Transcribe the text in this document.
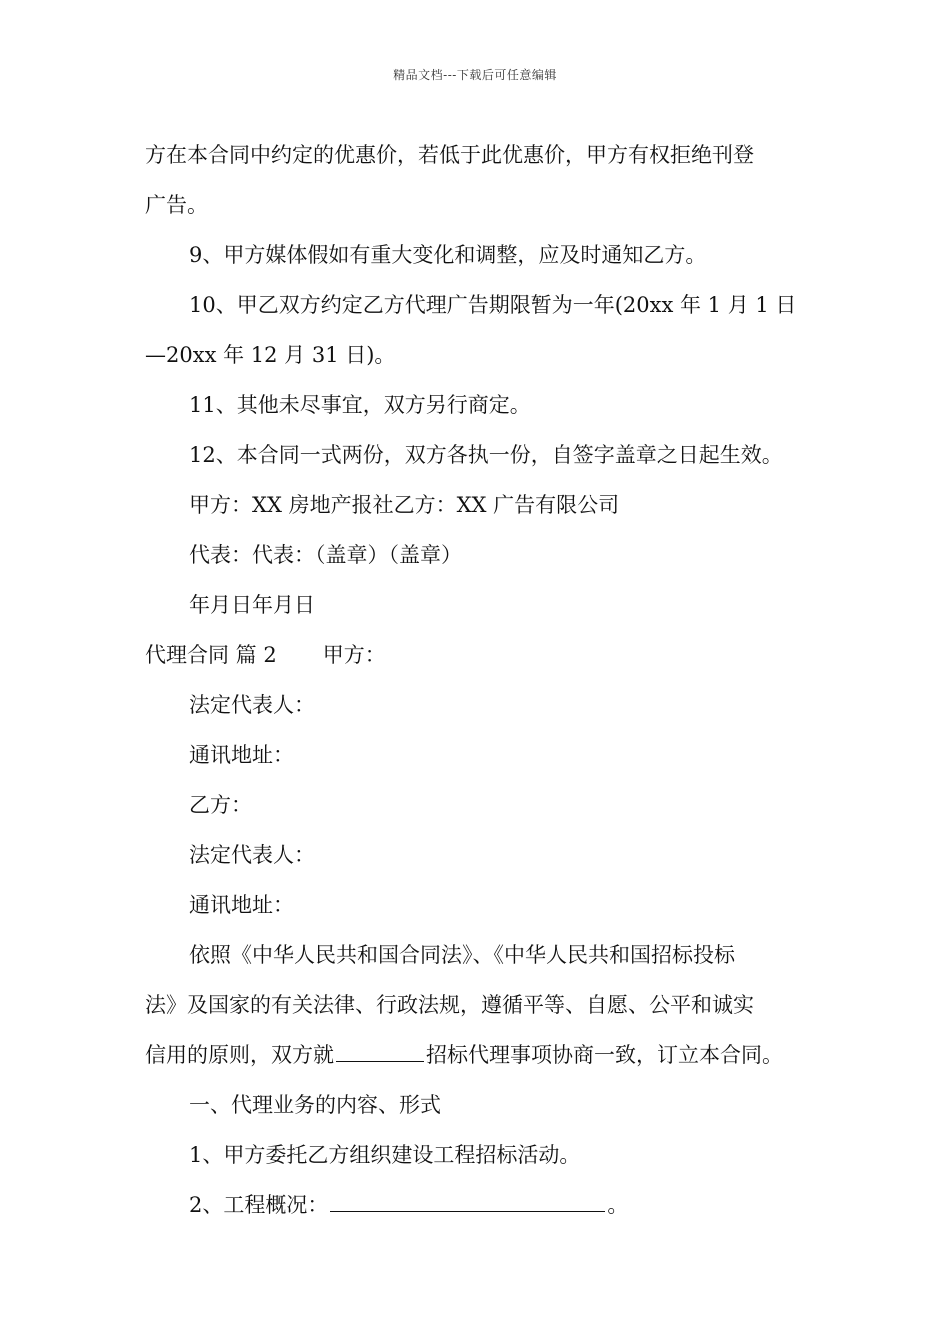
精品文档---下载后可任意编辑
方在本合同中约定的优惠价，若低于此优惠价，甲方有权拒绝刊登
广告。
9、甲方媒体假如有重大变化和调整，应及时通知乙方。
10、甲乙双方约定乙方代理广告期限暂为一年(20xx 年 1 月 1 日
—20xx 年 12 月 31 日)。
11、其他未尽事宜，双方另行商定。
12、本合同一式两份，双方各执一份，自签字盖章之日起生效。
甲方：XX 房地产报社乙方：XX 广告有限公司
代表：代表：（盖章）（盖章）
年月日年月日
代理合同 篇 2 甲方：
法定代表人：
通讯地址：
乙方：
法定代表人：
通讯地址：
依照《中华人民共和国合同法》、《中华人民共和国招标投标
法》及国家的有关法律、行政法规，遵循平等、自愿、公平和诚实
信用的原则，双方就	招标代理事项协商一致，订立本合同。
一、代理业务的内容、形式
1、甲方委托乙方组织建设工程招标活动。
2、工程概况：	。
